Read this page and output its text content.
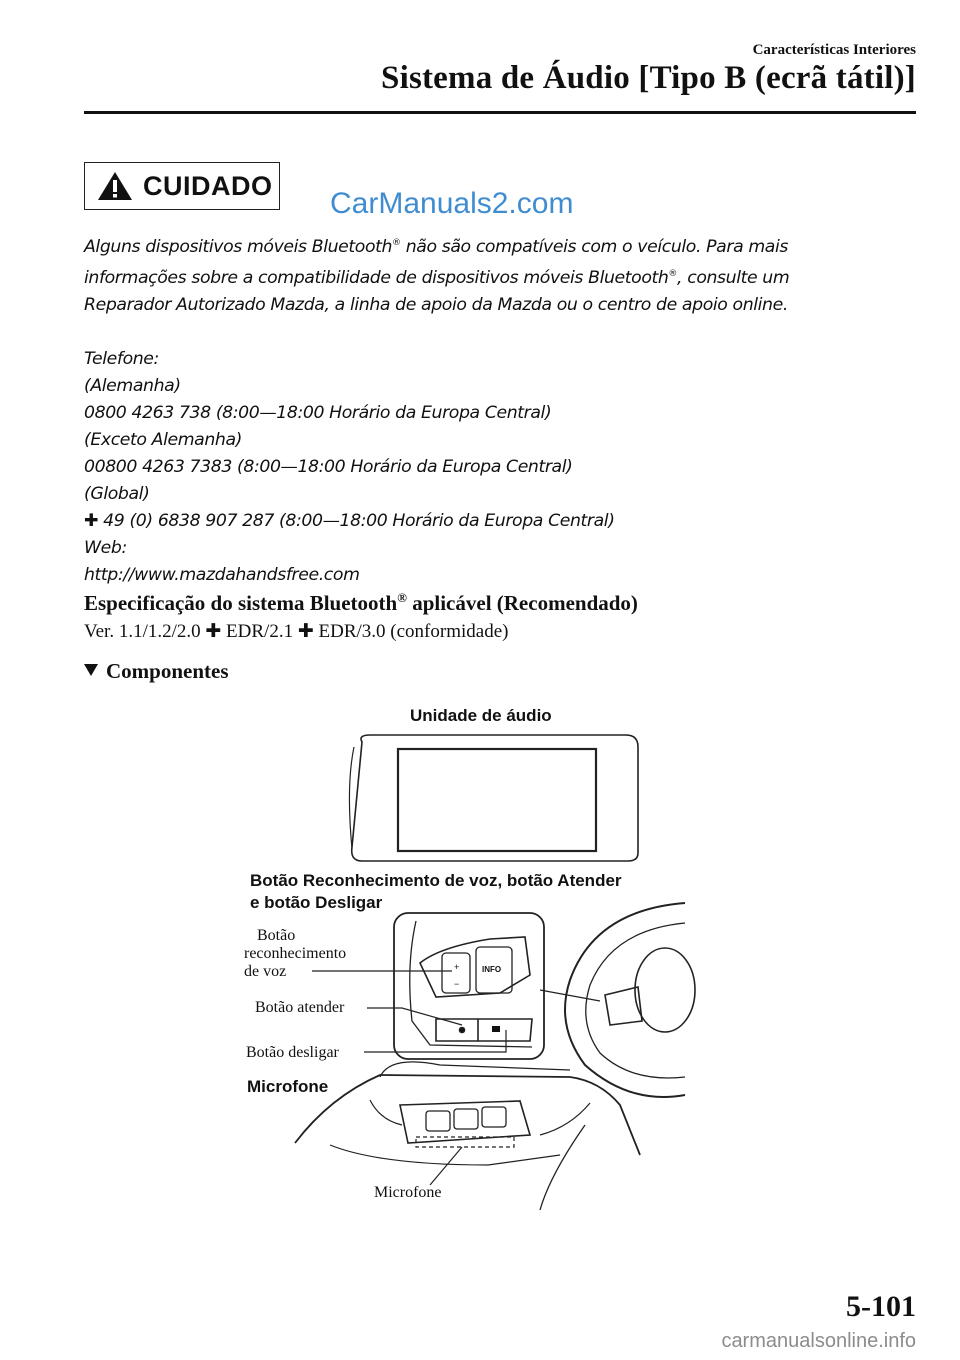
Características Interiores
Sistema de Áudio [Tipo B (ecrã tátil)]
CUIDADO
CarManuals2.com

Alguns dispositivos móveis Bluetooth® não são compatíveis com o veículo. Para mais informações sobre a compatibilidade de dispositivos móveis Bluetooth®, consulte um Reparador Autorizado Mazda, a linha de apoio da Mazda ou o centro de apoio online.

Telefone:
(Alemanha)
0800 4263 738 (8:00—18:00 Horário da Europa Central)
(Exceto Alemanha)
00800 4263 7383 (8:00—18:00 Horário da Europa Central)
(Global)
✚ 49 (0) 6838 907 287 (8:00—18:00 Horário da Europa Central)
Web:
http://www.mazdahandsfree.com
Especificação do sistema Bluetooth® aplicável (Recomendado)
Ver. 1.1/1.2/2.0 ✚ EDR/2.1 ✚ EDR/3.0 (conformidade)
Componentes
Unidade de áudio
Botão Reconhecimento de voz, botão Atender
e botão Desligar
+
−
INFO
Botão
reconhecimento
de voz
Botão atender
Botão desligar
Microfone
Microfone
5-101
carmanualsonline.info
